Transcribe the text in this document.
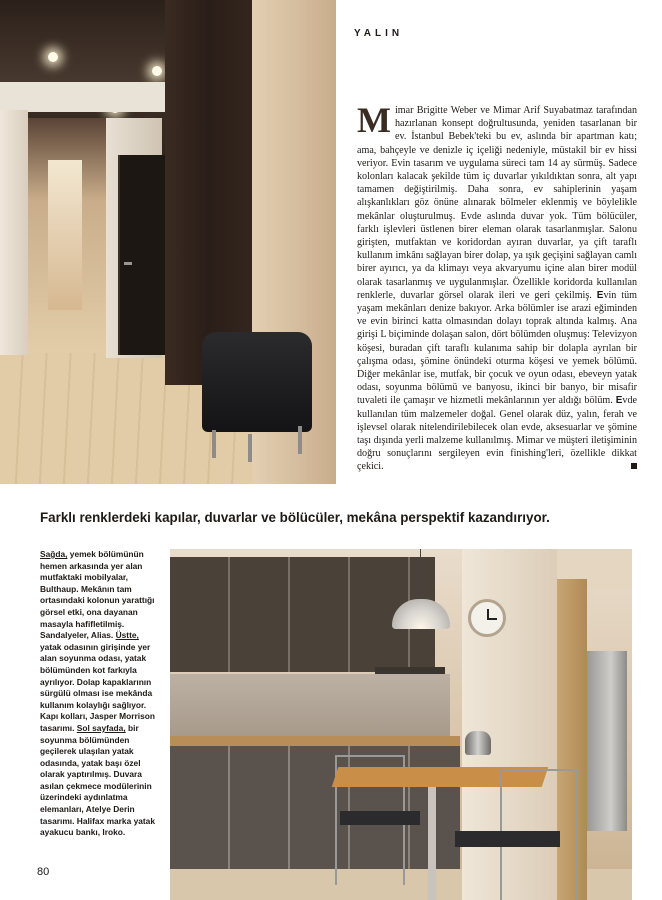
YALIN

Mimar Brigitte Weber ve Mimar Arif Suyabatmaz tarafından hazırlanan konsept doğrultusunda, yeniden tasarlanan bir ev. İstanbul Bebek'teki bu ev, aslında bir apartman katı; ama, bahçeyle ve denizle iç içeliği nedeniyle, müstakil bir ev hissi veriyor. Evin tasarım ve uygulama süreci tam 14 ay sürmüş. Sadece kolonları kalacak şekilde tüm iç duvarlar yıkıldıktan sonra, alt yapı tamamen değiştirilmiş. Daha sonra, ev sahiplerinin yaşam alışkanlıkları göz önüne alınarak bölmeler eklenmiş ve böylelikle mekânlar oluşturulmuş. Evde aslında duvar yok. Tüm bölücüler, farklı işlevleri üstlenen birer eleman olarak tasarlanmışlar. Salonu girişten, mutfaktan ve koridordan ayıran duvarlar, ya çift taraflı kullanım imkânı sağlayan birer dolap, ya ışık geçişini sağlayan camlı birer ayırıcı, ya da klimayı veya akvaryumu içine alan birer modül olarak tasarlanmış ve uygulanmışlar. Özellikle koridorda kullanılan renklerle, duvarlar görsel olarak ileri ve geri çekilmiş. Evin tüm yaşam mekânları denize bakıyor. Arka bölümler ise arazi eğiminden ve evin birinci katta olmasından dolayı toprak altında kalmış. Ana girişi L biçiminde dolaşan salon, dört bölümden oluşmuş: Televizyon köşesi, buradan çift taraflı kulanıma sahip bir dolapla ayrılan bir çalışma odası, şömine önündeki oturma köşesi ve yemek bölümü. Diğer mekânlar ise, mutfak, bir çocuk ve oyun odası, ebeveyn yatak odası, soyunma bölümü ve banyosu, ikinci bir banyo, bir misafir tuvaleti ile çamaşır ve hizmetli mekânlarının yer aldığı bölüm. Evde kullanılan tüm malzemeler doğal. Genel olarak düz, yalın, ferah ve işlevsel olarak nitelendirilebilecek olan evde, aksesuarlar ve şömine taşı dışında yerli malzeme kullanılmış. Mimar ve müşteri iletişiminin doğru sonuçlarını sergileyen evin finishing'leri, özellikle dikkat çekici.

Farklı renklerdeki kapılar, duvarlar ve bölücüler, mekâna perspektif kazandırıyor.

Sağda, yemek bölümünün hemen arkasında yer alan mutfaktaki mobilyalar, Bulthaup. Mekânın tam ortasındaki kolonun yarattığı görsel etki, ona dayanan masayla hafifletilmiş. Sandalyeler, Alias. Üstte, yatak odasının girişinde yer alan soyunma odası, yatak bölümünden kot farkıyla ayrılıyor. Dolap kapaklarının sürgülü olması ise mekânda kullanım kolaylığı sağlıyor. Kapı kolları, Jasper Morrison tasarımı. Sol sayfada, bir soyunma bölümünden geçilerek ulaşılan yatak odasında, yatak başı özel olarak yaptırılmış. Duvara asılan çekmece modülerinin üzerindeki aydınlatma elemanları, Atelye Derin tasarımı. Halifax marka yatak ayakucu bankı, Iroko.

80
